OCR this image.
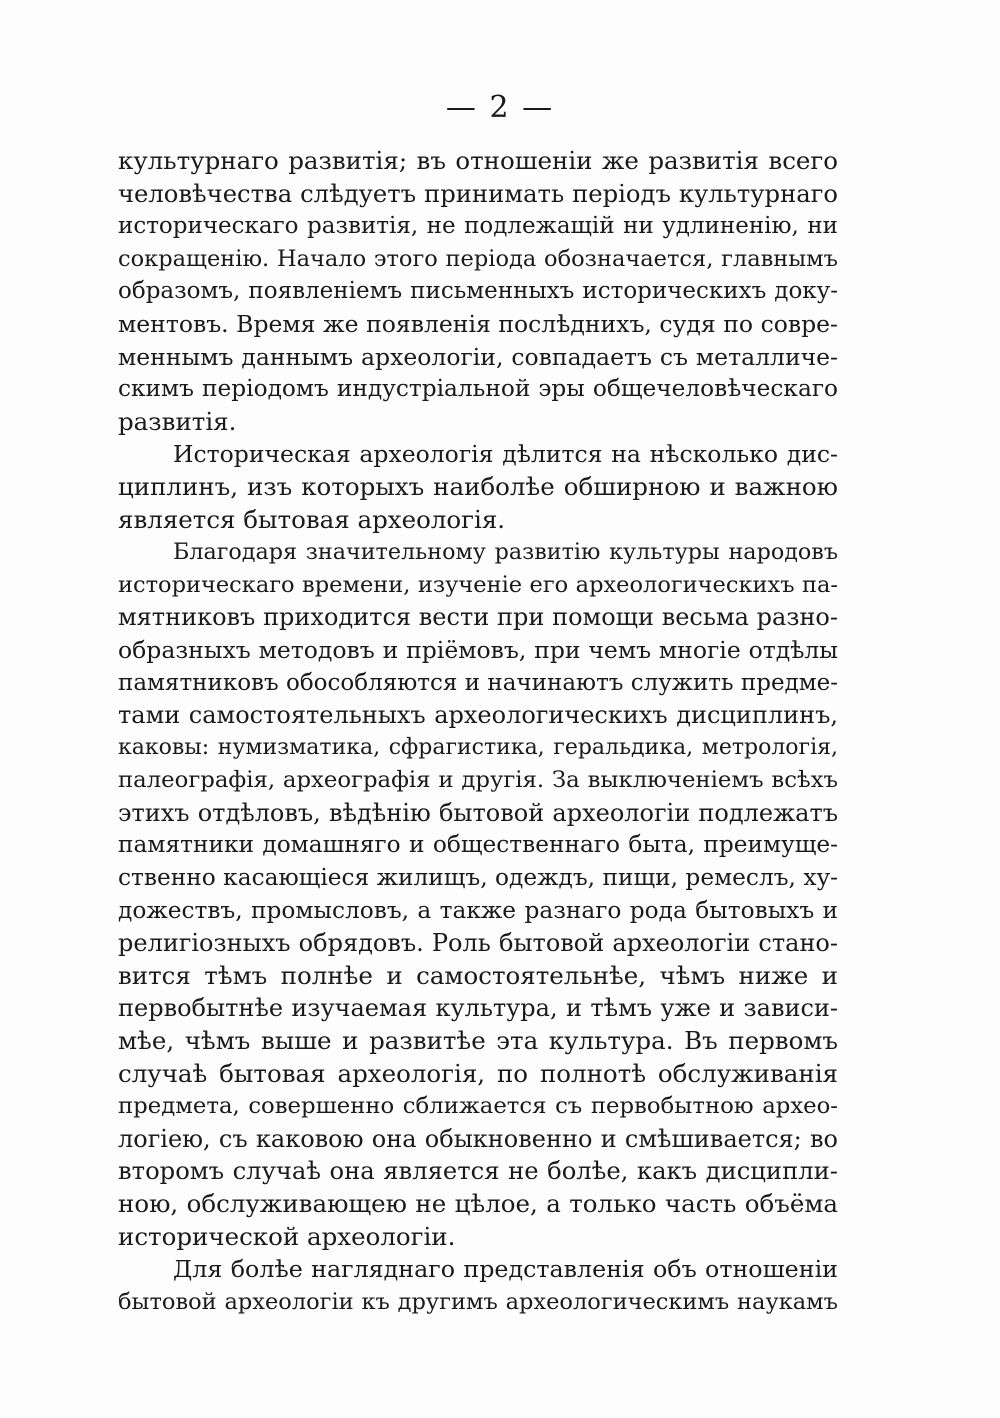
— 2 —
культурнаго развитія; въ отношеніи же развитія всего
человѣчества слѣдуетъ принимать періодъ культурнаго
историческаго развитія, не подлежащій ни удлиненію, ни
сокращенію. Начало этого періода обозначается, главнымъ
образомъ, появленіемъ письменныхъ историческихъ доку-
ментовъ. Время же появленія послѣднихъ, судя по совре-
меннымъ даннымъ археологіи, совпадаетъ съ металличе-
скимъ періодомъ индустріальной эры общечеловѣческаго
развитія.
Историческая археологія дѣлится на нѣсколько дис-
циплинъ, изъ которыхъ наиболѣе обширною и важною
является бытовая археологія.
Благодаря значительному развитію культуры народовъ
историческаго времени, изученіе его археологическихъ па-
мятниковъ приходится вести при помощи весьма разно-
образныхъ методовъ и пріёмовъ, при чемъ многіе отдѣлы
памятниковъ обособляются и начинаютъ служить предме-
тами самостоятельныхъ археологическихъ дисциплинъ,
каковы: нумизматика, сфрагистика, геральдика, метрологія,
палеографія, археографія и другія. За выключеніемъ всѣхъ
этихъ отдѣловъ, вѣдѣнію бытовой археологіи подлежатъ
памятники домашняго и общественнаго быта, преимуще-
ственно касающіеся жилищъ, одеждъ, пищи, ремеслъ, ху-
дожествъ, промысловъ, а также разнаго рода бытовыхъ и
религіозныхъ обрядовъ. Роль бытовой археологіи стано-
вится тѣмъ полнѣе и самостоятельнѣе, чѣмъ ниже и
первобытнѣе изучаемая культура, и тѣмъ уже и зависи-
мѣе, чѣмъ выше и развитѣе эта культура. Въ первомъ
случаѣ бытовая археологія, по полнотѣ обслуживанія
предмета, совершенно сближается съ первобытною архео-
логіею, съ каковою она обыкновенно и смѣшивается; во
второмъ случаѣ она является не болѣе, какъ дисципли-
ною, обслуживающею не цѣлое, а только часть объёма
исторической археологіи.
Для болѣе нагляднаго представленія объ отношеніи
бытовой археологіи къ другимъ археологическимъ наукамъ
